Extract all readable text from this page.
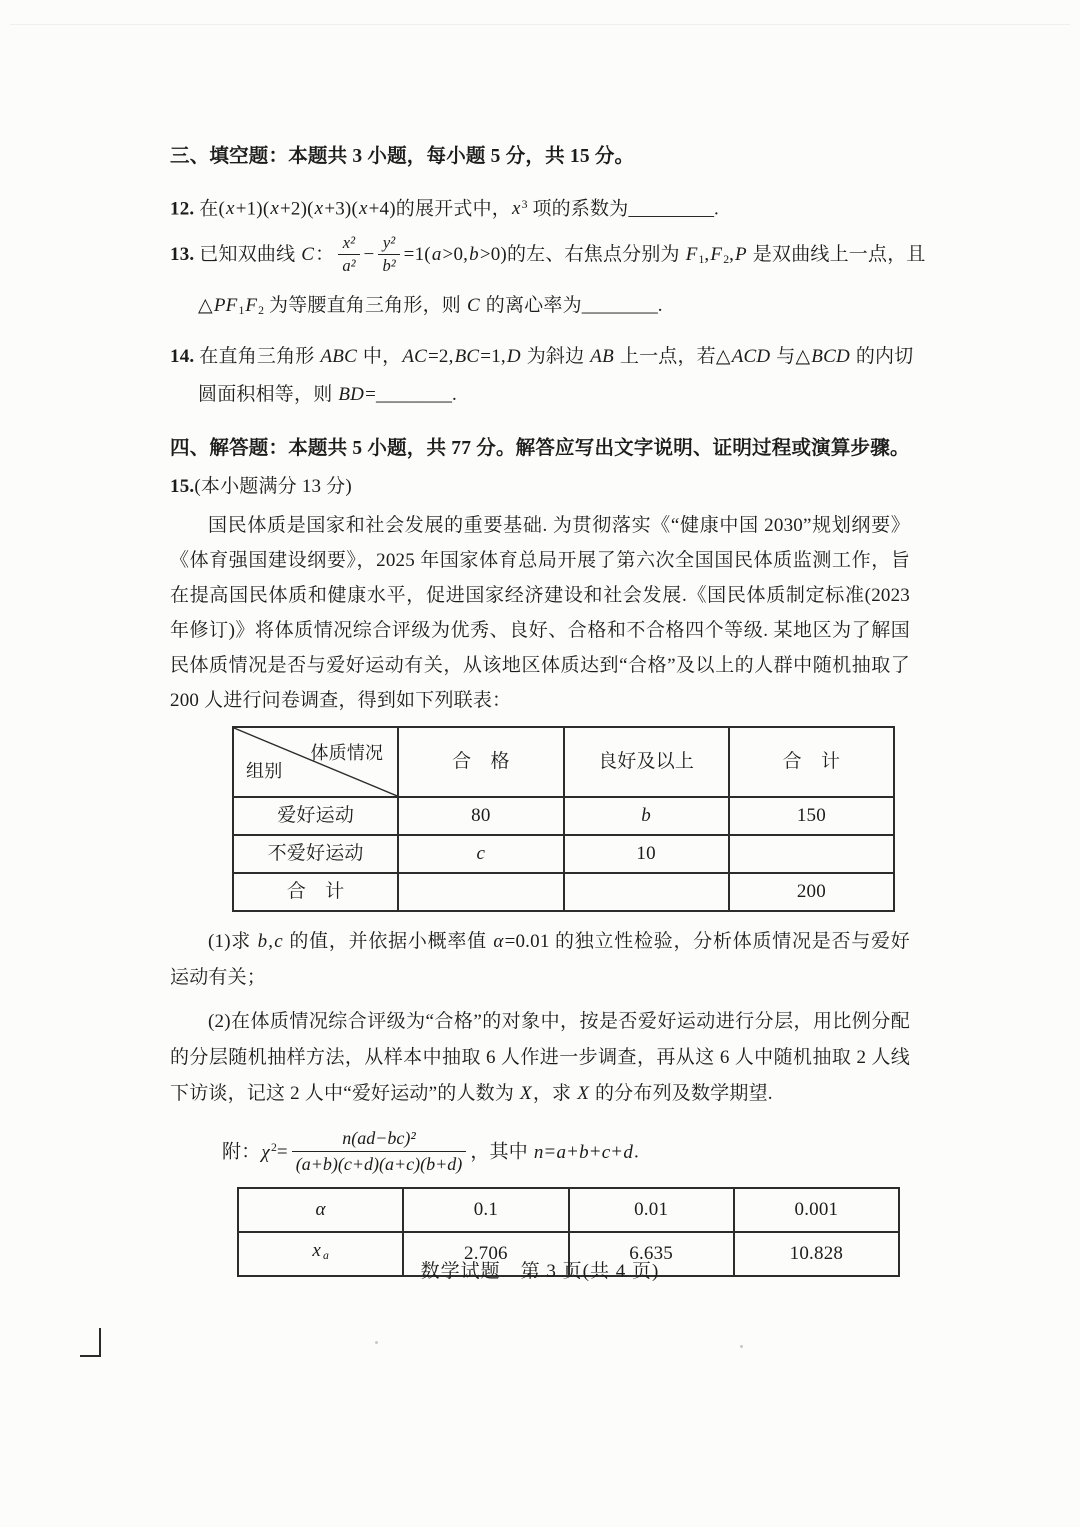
三、填空题：本题共 3 小题，每小题 5 分，共 15 分。
12. 在(x+1)(x+2)(x+3)(x+4)的展开式中，$x^3$ 项的系数为_________.
13. 已知双曲线 C： $\frac{\text{x²}}{\text{a²}} - \frac{\text{y²}}{\text{b²}} =1(a>0,b>0)$的左、右焦点分别为 F1,F2,P 是双曲线上一点，且
△PF1F2 为等腰直角三角形，则 C 的离心率为________.
14. 在直角三角形 ABC 中，AC=2,BC=1,D 为斜边 AB 上一点，若△ACD 与△BCD 的内切
圆面积相等，则 BD=________.
四、解答题：本题共 5 小题，共 77 分。解答应写出文字说明、证明过程或演算步骤。
15.(本小题满分 13 分)

国民体质是国家和社会发展的重要基础. 为贯彻落实《“健康中国 2030”规划纲要》《体育强国建设纲要》，2025 年国家体育总局开展了第六次全国国民体质监测工作，旨在提高国民体质和健康水平，促进国家经济建设和社会发展.《国民体质制定标准(2023 年修订)》将体质情况综合评级为优秀、良好、合格和不合格四个等级. 某地区为了解国民体质情况是否与爱好运动有关，从该地区体质达到“合格”及以上的人群中随机抽取了 200 人进行问卷调查，得到如下列联表：

体质情况
组别	合　格	良好及以上	合　计
爱好运动	80	b	150
不爱好运动	c	10	
合　计			200

(1)求 b,c 的值，并依据小概率值 α=0.01 的独立性检验，分析体质情况是否与爱好运动有关；

(2)在体质情况综合评级为“合格”的对象中，按是否爱好运动进行分层，用比例分配的分层随机抽样方法，从样本中抽取 6 人作进一步调查，再从这 6 人中随机抽取 2 人线下访谈，记这 2 人中“爱好运动”的人数为 X，求 X 的分布列及数学期望.

附：$\chi^2= \frac{\text{n(ad−bc)²}}{(a+b)(c+d)(a+c)(b+d)}$ ，其中 n=a+b+c+d.
α	0.1	0.01	0.001
x a	2.706	6.635	10.828
数学试题　第 3 页(共 4 页)
